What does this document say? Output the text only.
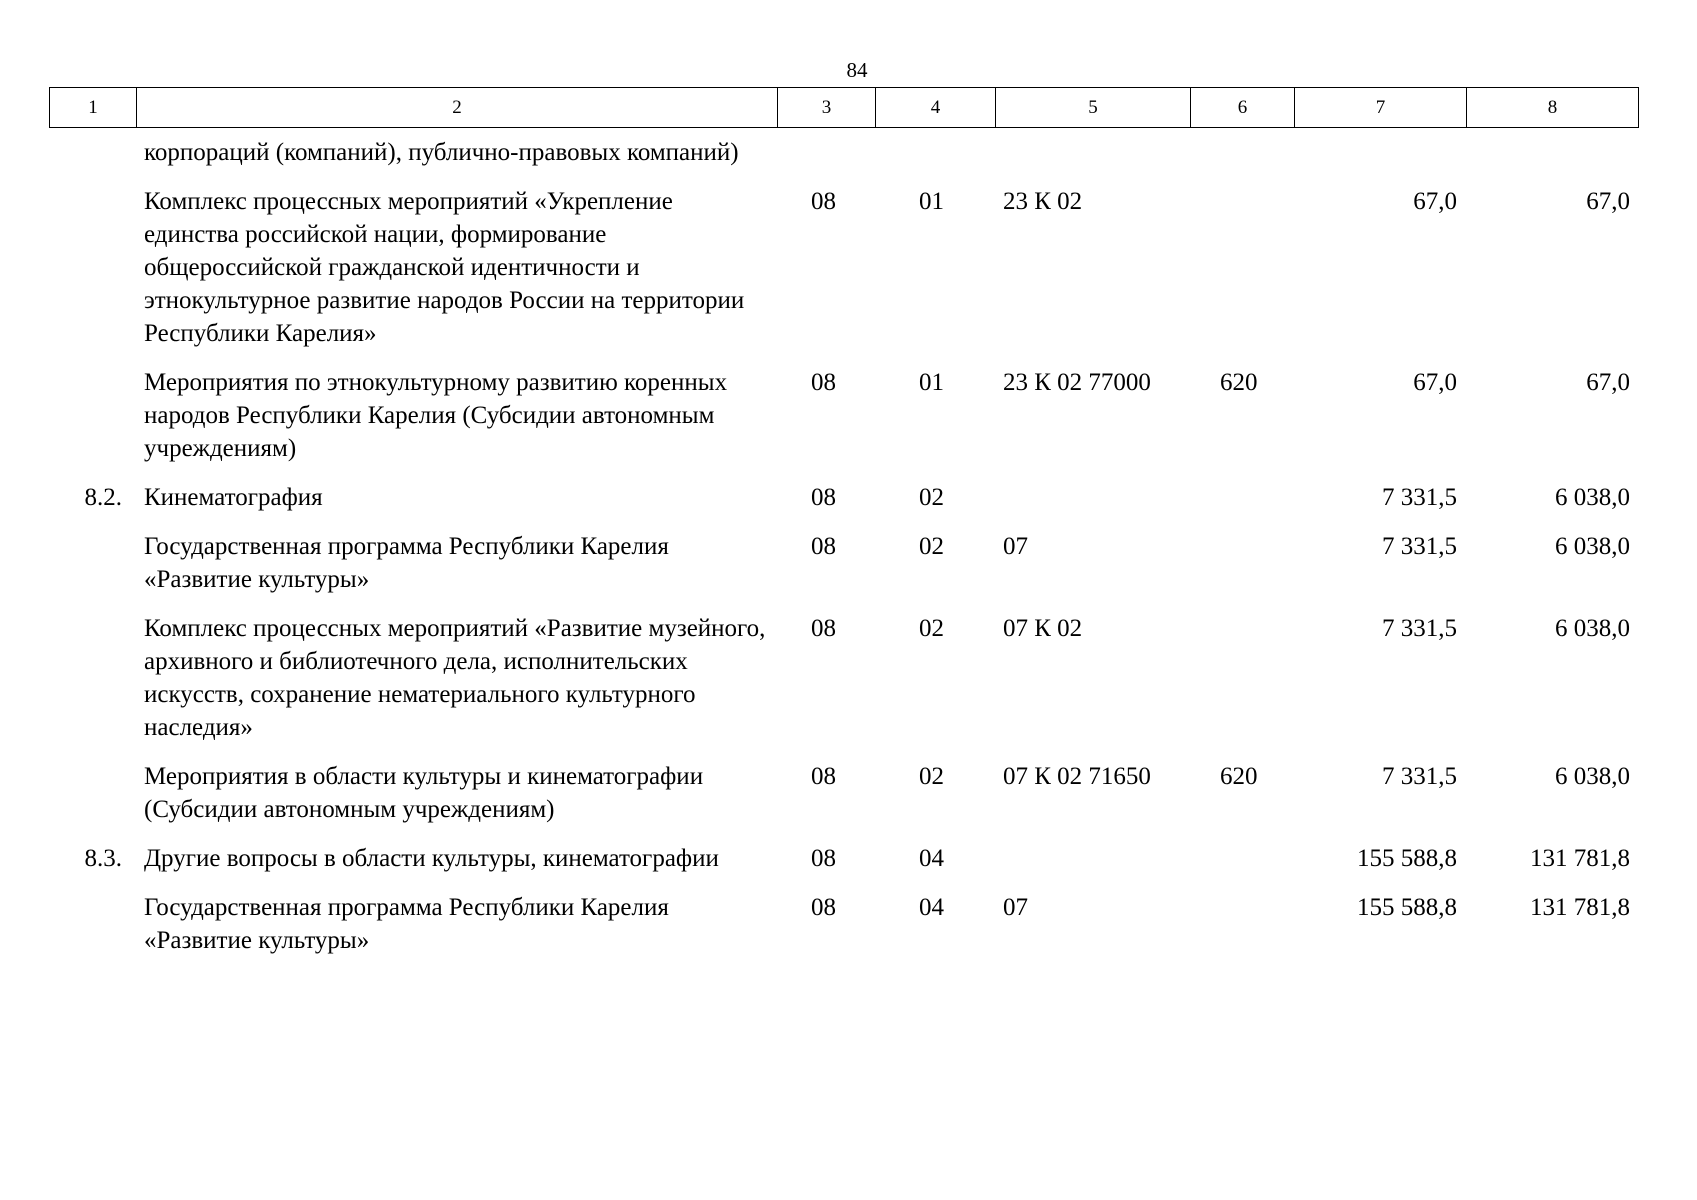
84
1	2	3	4	5	6	7	8
	корпораций (компаний), публично-правовых компаний)						
	Комплекс процессных мероприятий «Укрепление единства российской нации, формирование общероссийской гражданской идентичности и этнокультурное развитие народов России на территории Республики Карелия»	08	01	23 К 02		67,0	67,0
	Мероприятия по этнокультурному развитию коренных народов Республики Карелия (Субсидии автономным учреждениям)	08	01	23 К 02 77000	620	67,0	67,0
8.2.	Кинематография	08	02			7 331,5	6 038,0
	Государственная программа Республики Карелия «Развитие культуры»	08	02	07		7 331,5	6 038,0
	Комплекс процессных мероприятий «Развитие музейного, архивного и библиотечного дела, исполнительских искусств, сохранение нематериального культурного наследия»	08	02	07 К 02		7 331,5	6 038,0
	Мероприятия в области культуры и кинематографии (Субсидии автономным учреждениям)	08	02	07 К 02 71650	620	7 331,5	6 038,0
8.3.	Другие вопросы в области культуры, кинематографии	08	04			155 588,8	131 781,8
	Государственная программа Республики Карелия «Развитие культуры»	08	04	07		155 588,8	131 781,8
